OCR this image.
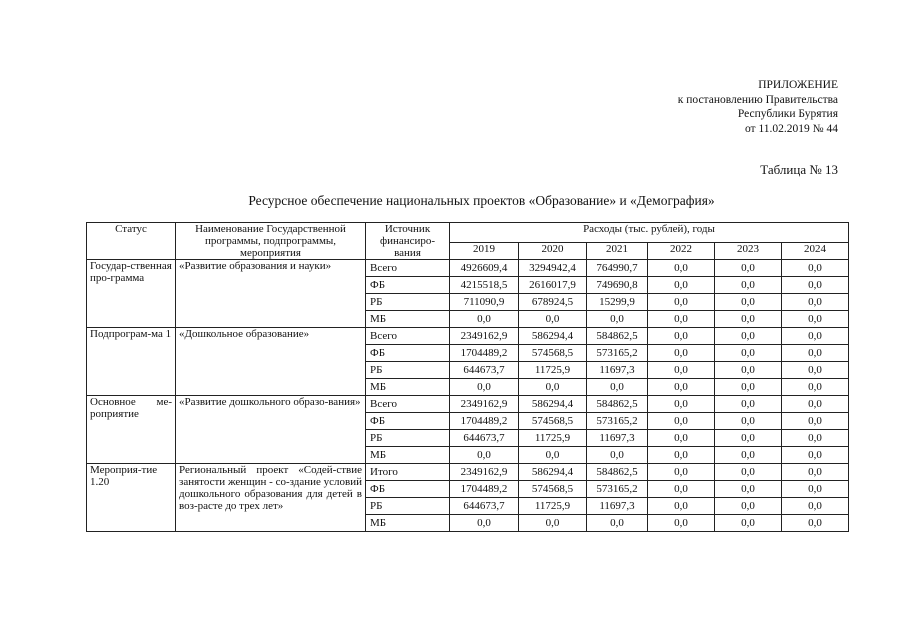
ПРИЛОЖЕНИЕ
к постановлению Правительства
Республики Бурятия
от 11.02.2019 № 44
Таблица № 13
Ресурсное обеспечение национальных проектов «Образование» и «Демография»
Статус	Наименование Государственной программы, подпрограммы, мероприятия	Источник финансиро-вания	Расходы (тыс. рублей), годы					
			2019	2020	2021	2022	2023	2024
Государ-ственная про-грамма	«Развитие образования и науки»	Всего	4926609,4	3294942,4	764990,7	0,0	0,0	0,0
		ФБ	4215518,5	2616017,9	749690,8	0,0	0,0	0,0
		РБ	711090,9	678924,5	15299,9	0,0	0,0	0,0
		МБ	0,0	0,0	0,0	0,0	0,0	0,0
Подпрограм-ма 1	«Дошкольное образование»	Всего	2349162,9	586294,4	584862,5	0,0	0,0	0,0
		ФБ	1704489,2	574568,5	573165,2	0,0	0,0	0,0
		РБ	644673,7	11725,9	11697,3	0,0	0,0	0,0
		МБ	0,0	0,0	0,0	0,0	0,0	0,0
Основное ме-роприятие	«Развитие дошкольного образо-вания»	Всего	2349162,9	586294,4	584862,5	0,0	0,0	0,0
		ФБ	1704489,2	574568,5	573165,2	0,0	0,0	0,0
		РБ	644673,7	11725,9	11697,3	0,0	0,0	0,0
		МБ	0,0	0,0	0,0	0,0	0,0	0,0
Мероприя-тие 1.20	Региональный проект «Содей-ствие занятости женщин - со-здание условий дошкольного образования для детей в воз-расте до трех лет»	Итого	2349162,9	586294,4	584862,5	0,0	0,0	0,0
		ФБ	1704489,2	574568,5	573165,2	0,0	0,0	0,0
		РБ	644673,7	11725,9	11697,3	0,0	0,0	0,0
		МБ	0,0	0,0	0,0	0,0	0,0	0,0
